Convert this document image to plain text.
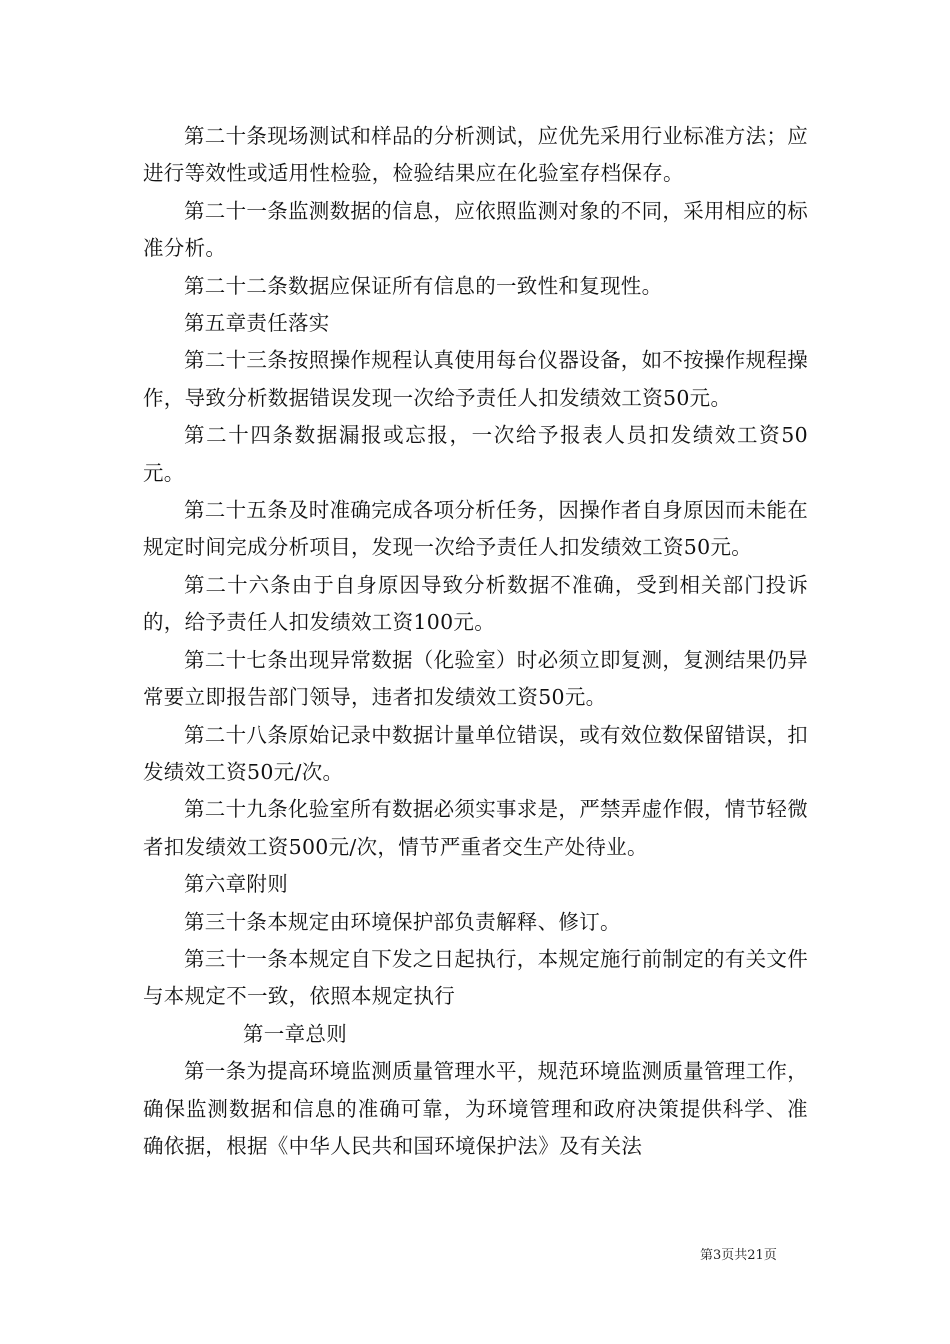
第二十条现场测试和样品的分析测试，应优先采用行业标准方法；应进行等效性或适用性检验，检验结果应在化验室存档保存。

第二十一条监测数据的信息，应依照监测对象的不同，采用相应的标准分析。

第二十二条数据应保证所有信息的一致性和复现性。

第五章责任落实

第二十三条按照操作规程认真使用每台仪器设备，如不按操作规程操作，导致分析数据错误发现一次给予责任人扣发绩效工资50元。

第二十四条数据漏报或忘报，一次给予报表人员扣发绩效工资50元。

第二十五条及时准确完成各项分析任务，因操作者自身原因而未能在规定时间完成分析项目，发现一次给予责任人扣发绩效工资50元。

第二十六条由于自身原因导致分析数据不准确，受到相关部门投诉的，给予责任人扣发绩效工资100元。

第二十七条出现异常数据（化验室）时必须立即复测，复测结果仍异常要立即报告部门领导，违者扣发绩效工资50元。

第二十八条原始记录中数据计量单位错误，或有效位数保留错误，扣发绩效工资50元/次。

第二十九条化验室所有数据必须实事求是，严禁弄虚作假，情节轻微者扣发绩效工资500元/次，情节严重者交生产处待业。

第六章附则

第三十条本规定由环境保护部负责解释、修订。

第三十一条本规定自下发之日起执行，本规定施行前制定的有关文件与本规定不一致，依照本规定执行

第一章总则

第一条为提高环境监测质量管理水平，规范环境监测质量管理工作，确保监测数据和信息的准确可靠，为环境管理和政府决策提供科学、准确依据，根据《中华人民共和国环境保护法》及有关法

第3页共21页
